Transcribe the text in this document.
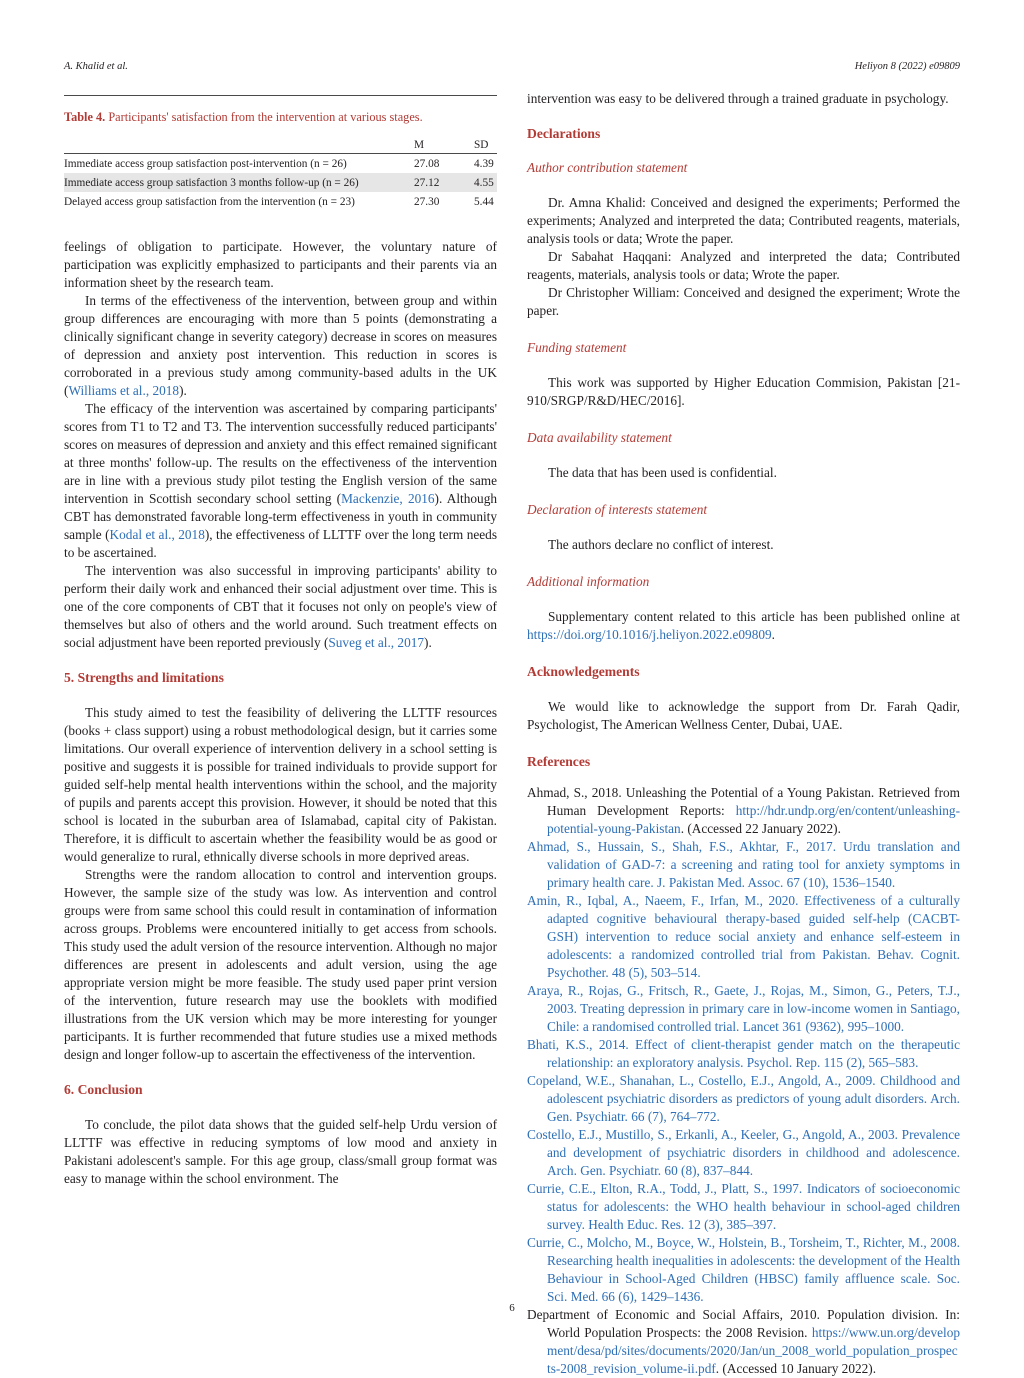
A. Khalid et al.	Heliyon 8 (2022) e09809
Table 4. Participants' satisfaction from the intervention at various stages.
	M	SD
Immediate access group satisfaction post-intervention (n = 26)	27.08	4.39
Immediate access group satisfaction 3 months follow-up (n = 26)	27.12	4.55
Delayed access group satisfaction from the intervention (n = 23)	27.30	5.44

feelings of obligation to participate. However, the voluntary nature of participation was explicitly emphasized to participants and their parents via an information sheet by the research team.

In terms of the effectiveness of the intervention, between group and within group differences are encouraging with more than 5 points (demonstrating a clinically significant change in severity category) decrease in scores on measures of depression and anxiety post intervention. This reduction in scores is corroborated in a previous study among community-based adults in the UK (Williams et al., 2018).

The efficacy of the intervention was ascertained by comparing participants' scores from T1 to T2 and T3. The intervention successfully reduced participants' scores on measures of depression and anxiety and this effect remained significant at three months' follow-up. The results on the effectiveness of the intervention are in line with a previous study pilot testing the English version of the same intervention in Scottish secondary school setting (Mackenzie, 2016). Although CBT has demonstrated favorable long-term effectiveness in youth in community sample (Kodal et al., 2018), the effectiveness of LLTTF over the long term needs to be ascertained.

The intervention was also successful in improving participants' ability to perform their daily work and enhanced their social adjustment over time. This is one of the core components of CBT that it focuses not only on people's view of themselves but also of others and the world around. Such treatment effects on social adjustment have been reported previously (Suveg et al., 2017).

5. Strengths and limitations

This study aimed to test the feasibility of delivering the LLTTF resources (books + class support) using a robust methodological design, but it carries some limitations. Our overall experience of intervention delivery in a school setting is positive and suggests it is possible for trained individuals to provide support for guided self-help mental health interventions within the school, and the majority of pupils and parents accept this provision. However, it should be noted that this school is located in the suburban area of Islamabad, capital city of Pakistan. Therefore, it is difficult to ascertain whether the feasibility would be as good or would generalize to rural, ethnically diverse schools in more deprived areas.

Strengths were the random allocation to control and intervention groups. However, the sample size of the study was low. As intervention and control groups were from same school this could result in contamination of information across groups. Problems were encountered initially to get access from schools. This study used the adult version of the resource intervention. Although no major differences are present in adolescents and adult version, using the age appropriate version might be more feasible. The study used paper print version of the intervention, future research may use the booklets with modified illustrations from the UK version which may be more interesting for younger participants. It is further recommended that future studies use a mixed methods design and longer follow-up to ascertain the effectiveness of the intervention.

6. Conclusion

To conclude, the pilot data shows that the guided self-help Urdu version of LLTTF was effective in reducing symptoms of low mood and anxiety in Pakistani adolescent's sample. For this age group, class/small group format was easy to manage within the school environment. The

intervention was easy to be delivered through a trained graduate in psychology.

Declarations
Author contribution statement

Dr. Amna Khalid: Conceived and designed the experiments; Performed the experiments; Analyzed and interpreted the data; Contributed reagents, materials, analysis tools or data; Wrote the paper.

Dr Sabahat Haqqani: Analyzed and interpreted the data; Contributed reagents, materials, analysis tools or data; Wrote the paper.

Dr Christopher William: Conceived and designed the experiment; Wrote the paper.

Funding statement

This work was supported by Higher Education Commision, Pakistan [21-910/SRGP/R&D/HEC/2016].

Data availability statement

The data that has been used is confidential.

Declaration of interests statement

The authors declare no conflict of interest.

Additional information

Supplementary content related to this article has been published online at https://doi.org/10.1016/j.heliyon.2022.e09809.

Acknowledgements

We would like to acknowledge the support from Dr. Farah Qadir, Psychologist, The American Wellness Center, Dubai, UAE.

References

Ahmad, S., 2018. Unleashing the Potential of a Young Pakistan. Retrieved from Human Development Reports: http://hdr.undp.org/en/content/unleashing-potential-young-Pakistan. (Accessed 22 January 2022).

Ahmad, S., Hussain, S., Shah, F.S., Akhtar, F., 2017. Urdu translation and validation of GAD-7: a screening and rating tool for anxiety symptoms in primary health care. J. Pakistan Med. Assoc. 67 (10), 1536–1540.

Amin, R., Iqbal, A., Naeem, F., Irfan, M., 2020. Effectiveness of a culturally adapted cognitive behavioural therapy-based guided self-help (CACBT-GSH) intervention to reduce social anxiety and enhance self-esteem in adolescents: a randomized controlled trial from Pakistan. Behav. Cognit. Psychother. 48 (5), 503–514.

Araya, R., Rojas, G., Fritsch, R., Gaete, J., Rojas, M., Simon, G., Peters, T.J., 2003. Treating depression in primary care in low-income women in Santiago, Chile: a randomised controlled trial. Lancet 361 (9362), 995–1000.

Bhati, K.S., 2014. Effect of client-therapist gender match on the therapeutic relationship: an exploratory analysis. Psychol. Rep. 115 (2), 565–583.

Copeland, W.E., Shanahan, L., Costello, E.J., Angold, A., 2009. Childhood and adolescent psychiatric disorders as predictors of young adult disorders. Arch. Gen. Psychiatr. 66 (7), 764–772.

Costello, E.J., Mustillo, S., Erkanli, A., Keeler, G., Angold, A., 2003. Prevalence and development of psychiatric disorders in childhood and adolescence. Arch. Gen. Psychiatr. 60 (8), 837–844.

Currie, C.E., Elton, R.A., Todd, J., Platt, S., 1997. Indicators of socioeconomic status for adolescents: the WHO health behaviour in school-aged children survey. Health Educ. Res. 12 (3), 385–397.

Currie, C., Molcho, M., Boyce, W., Holstein, B., Torsheim, T., Richter, M., 2008. Researching health inequalities in adolescents: the development of the Health Behaviour in School-Aged Children (HBSC) family affluence scale. Soc. Sci. Med. 66 (6), 1429–1436.

Department of Economic and Social Affairs, 2010. Population division. In: World Population Prospects: the 2008 Revision. https://www.un.org/development/desa/pd/sites/documents/2020/Jan/un_2008_world_population_prospects-2008_revision_volume-ii.pdf. (Accessed 10 January 2022).

6
